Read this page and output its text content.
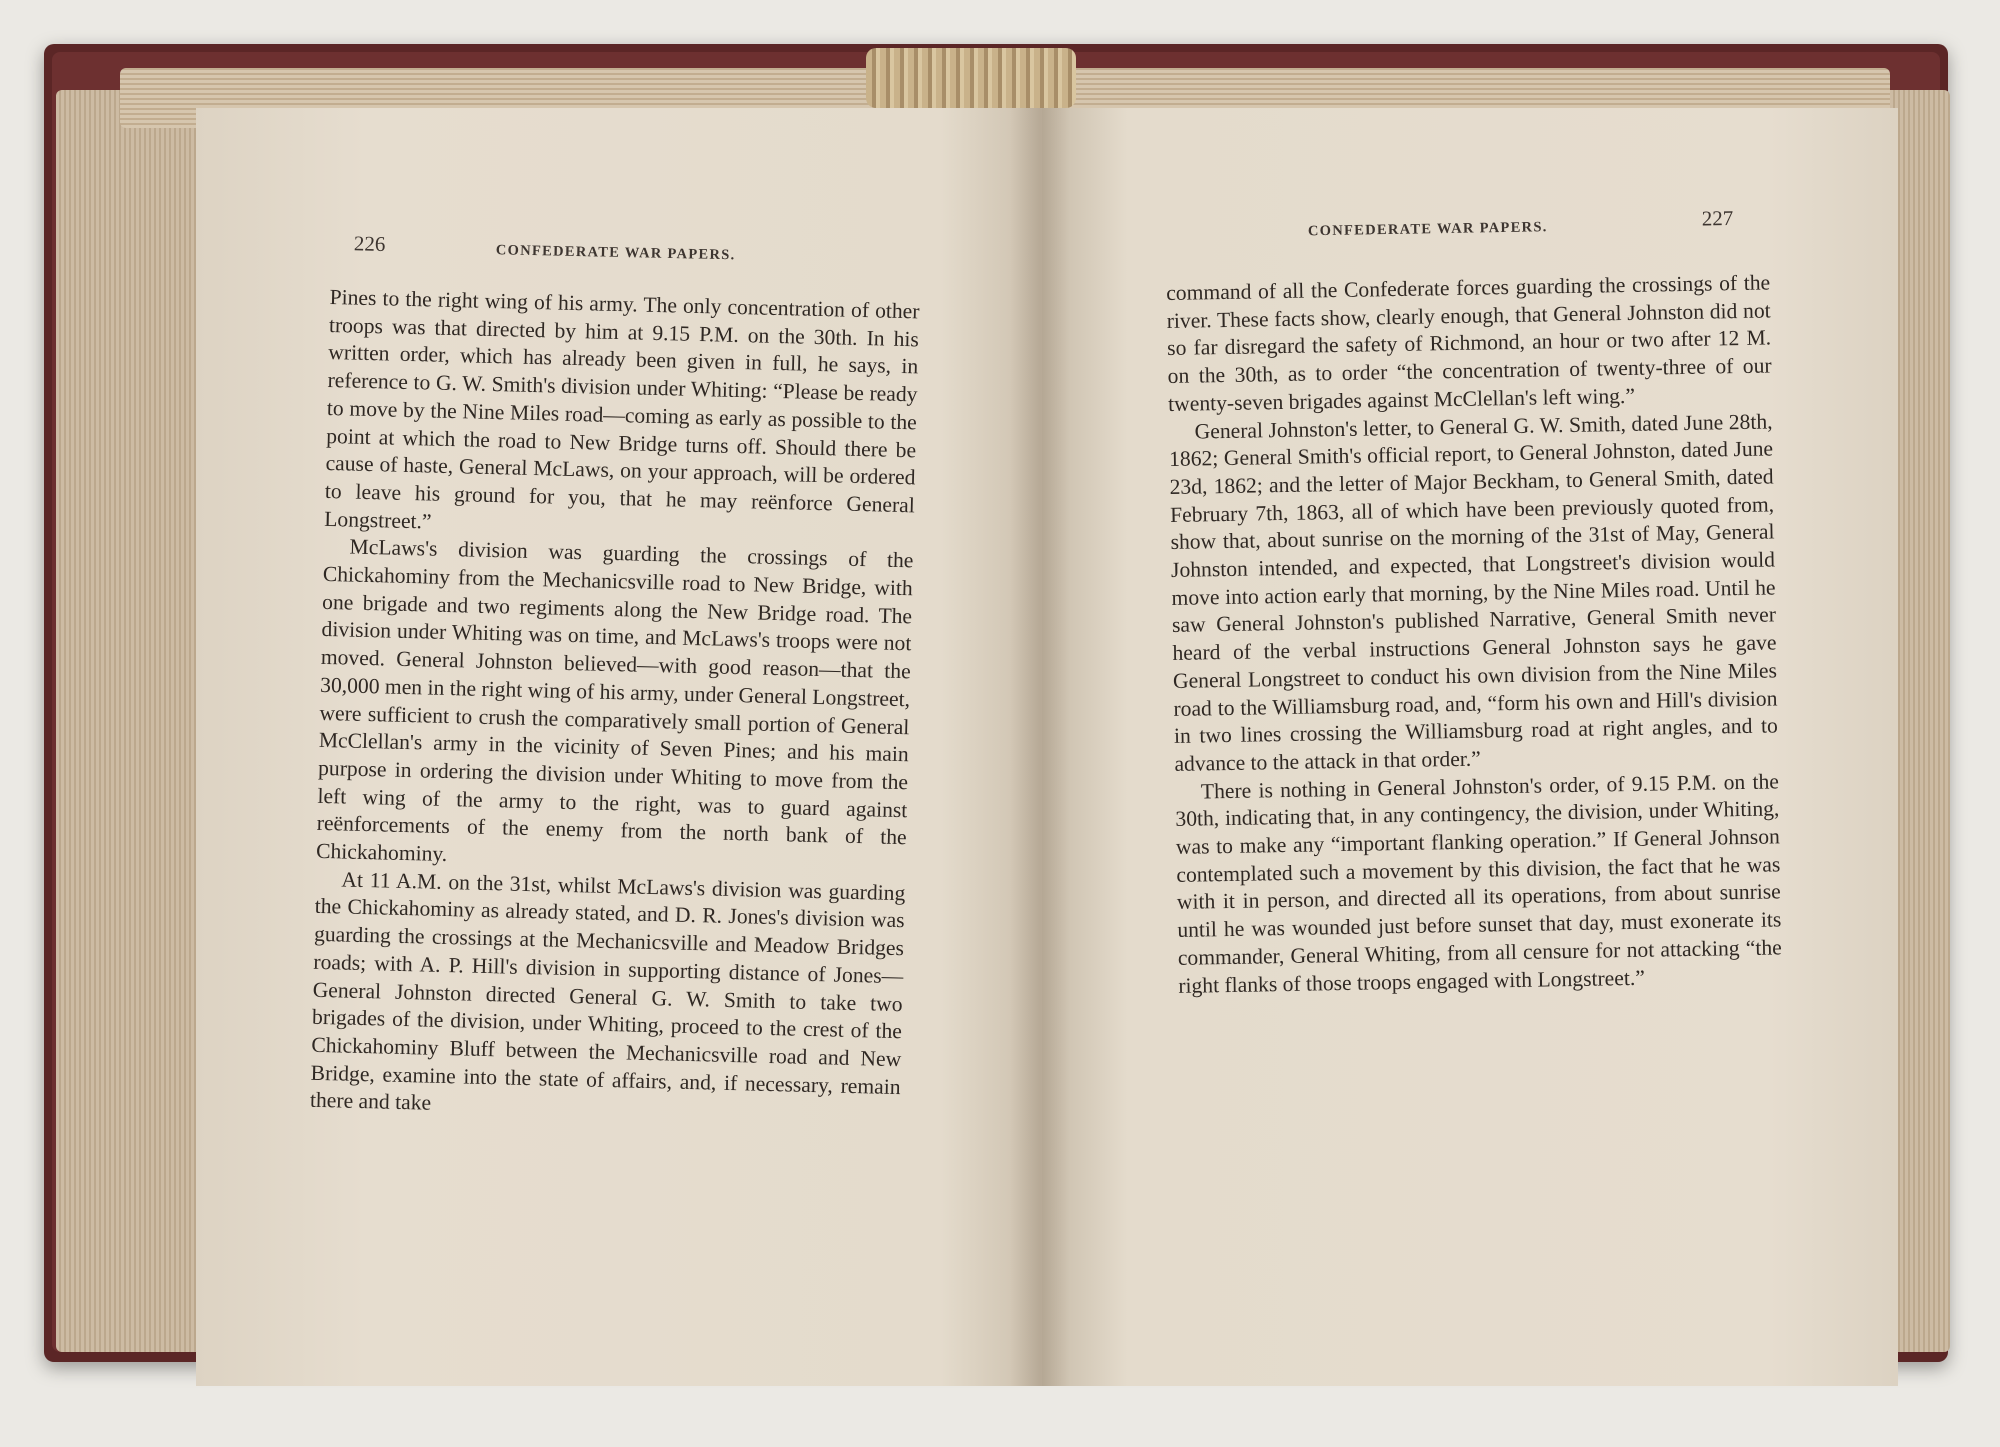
226	CONFEDERATE WAR PAPERS.

Pines to the right wing of his army. The only concentration of other troops was that directed by him at 9.15 P.M. on the 30th. In his written order, which has already been given in full, he says, in reference to G. W. Smith's division under Whiting: “Please be ready to move by the Nine Miles road—coming as early as possible to the point at which the road to New Bridge turns off. Should there be cause of haste, General McLaws, on your approach, will be ordered to leave his ground for you, that he may reënforce General Longstreet.”

McLaws's division was guarding the crossings of the Chickahominy from the Mechanicsville road to New Bridge, with one brigade and two regiments along the New Bridge road. The division under Whiting was on time, and McLaws's troops were not moved. General Johnston believed—with good reason—that the 30,000 men in the right wing of his army, under General Longstreet, were sufficient to crush the comparatively small portion of General McClellan's army in the vicinity of Seven Pines; and his main purpose in ordering the division under Whiting to move from the left wing of the army to the right, was to guard against reënforcements of the enemy from the north bank of the Chickahominy.

At 11 A.M. on the 31st, whilst McLaws's division was guarding the Chickahominy as already stated, and D. R. Jones's division was guarding the crossings at the Mechanicsville and Meadow Bridges roads; with A. P. Hill's division in supporting distance of Jones—General Johnston directed General G. W. Smith to take two brigades of the division, under Whiting, proceed to the crest of the Chickahominy Bluff between the Mechanicsville road and New Bridge, examine into the state of affairs, and, if necessary, remain there and take

CONFEDERATE WAR PAPERS.	227

command of all the Confederate forces guarding the crossings of the river. These facts show, clearly enough, that General Johnston did not so far disregard the safety of Richmond, an hour or two after 12 M. on the 30th, as to order “the concentration of twenty-three of our twenty-seven brigades against McClellan's left wing.”

General Johnston's letter, to General G. W. Smith, dated June 28th, 1862; General Smith's official report, to General Johnston, dated June 23d, 1862; and the letter of Major Beckham, to General Smith, dated February 7th, 1863, all of which have been previously quoted from, show that, about sunrise on the morning of the 31st of May, General Johnston intended, and expected, that Longstreet's division would move into action early that morning, by the Nine Miles road. Until he saw General Johnston's published Narrative, General Smith never heard of the verbal instructions General Johnston says he gave General Longstreet to conduct his own division from the Nine Miles road to the Williamsburg road, and, “form his own and Hill's division in two lines crossing the Williamsburg road at right angles, and to advance to the attack in that order.”

There is nothing in General Johnston's order, of 9.15 P.M. on the 30th, indicating that, in any contingency, the division, under Whiting, was to make any “important flanking operation.” If General Johnson contemplated such a movement by this division, the fact that he was with it in person, and directed all its operations, from about sunrise until he was wounded just before sunset that day, must exonerate its commander, General Whiting, from all censure for not attacking “the right flanks of those troops engaged with Longstreet.”
